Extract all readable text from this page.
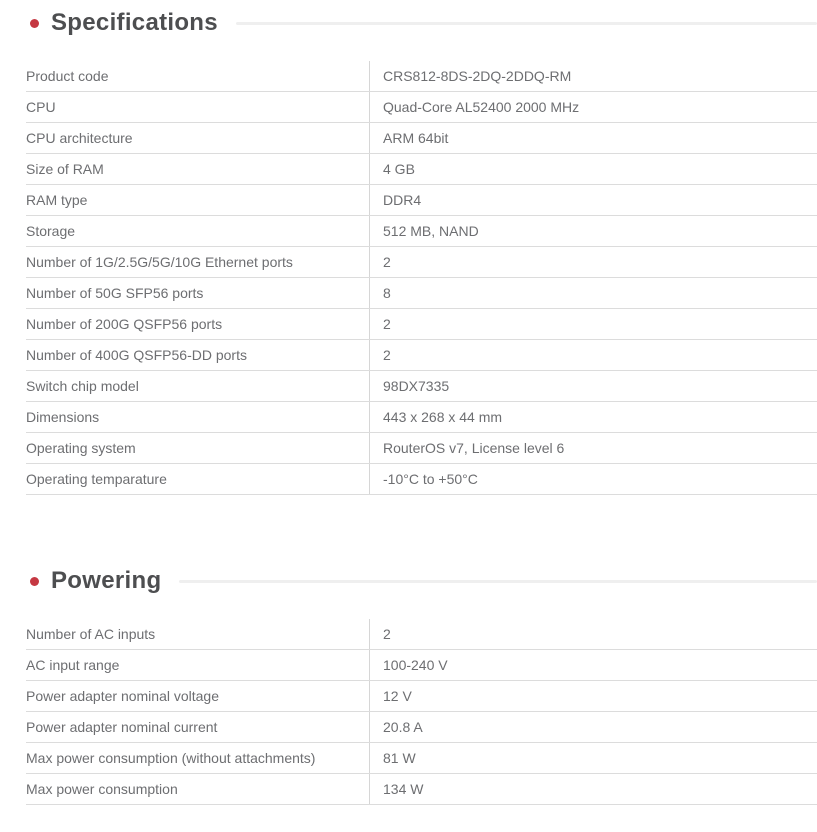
Specifications
Product code	CRS812-8DS-2DQ-2DDQ-RM
CPU	Quad-Core AL52400 2000 MHz
CPU architecture	ARM 64bit
Size of RAM	4 GB
RAM type	DDR4
Storage	512 MB, NAND
Number of 1G/2.5G/5G/10G Ethernet ports	2
Number of 50G SFP56 ports	8
Number of 200G QSFP56 ports	2
Number of 400G QSFP56-DD ports	2
Switch chip model	98DX7335
Dimensions	443 x 268 x 44 mm
Operating system	RouterOS v7, License level 6
Operating temparature	-10°C to +50°C
Powering
Number of AC inputs	2
AC input range	100-240 V
Power adapter nominal voltage	12 V
Power adapter nominal current	20.8 A
Max power consumption (without attachments)	81 W
Max power consumption	134 W
